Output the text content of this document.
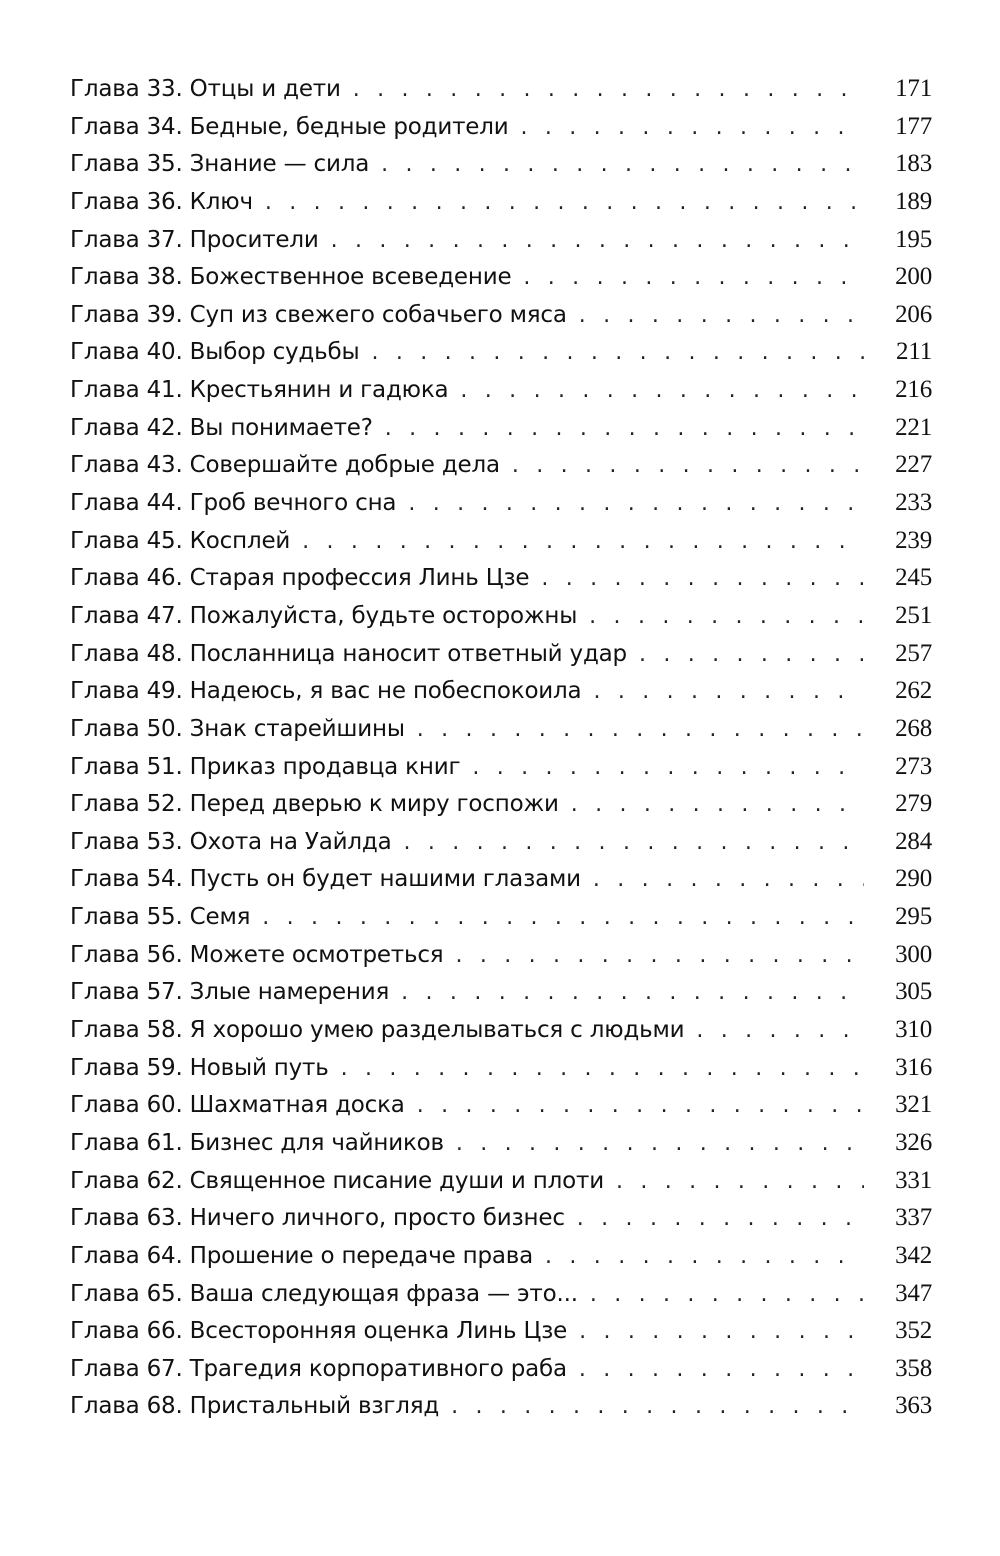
Глава 33. Отцы и дети . . .	171
Глава 34. Бедные, бедные родители . . .	177
Глава 35. Знание — сила . . .	183
Глава 36. Ключ . . .	189
Глава 37. Просители . . .	195
Глава 38. Божественное всеведение . . .	200
Глава 39. Суп из свежего собачьего мяса . . .	206
Глава 40. Выбор судьбы . . .	211
Глава 41. Крестьянин и гадюка . . .	216
Глава 42. Вы понимаете? . . .	221
Глава 43. Совершайте добрые дела . . .	227
Глава 44. Гроб вечного сна . . .	233
Глава 45. Косплей . . .	239
Глава 46. Старая профессия Линь Цзе . . .	245
Глава 47. Пожалуйста, будьте осторожны . . .	251
Глава 48. Посланница наносит ответный удар . . .	257
Глава 49. Надеюсь, я вас не побеспокоила . . .	262
Глава 50. Знак старейшины . . .	268
Глава 51. Приказ продавца книг . . .	273
Глава 52. Перед дверью к миру госпожи . . .	279
Глава 53. Охота на Уайлда . . .	284
Глава 54. Пусть он будет нашими глазами . . .	290
Глава 55. Семя . . .	295
Глава 56. Можете осмотреться . . .	300
Глава 57. Злые намерения . . .	305
Глава 58. Я хорошо умею разделываться с людьми . . .	310
Глава 59. Новый путь . . .	316
Глава 60. Шахматная доска . . .	321
Глава 61. Бизнес для чайников . . .	326
Глава 62. Священное писание души и плоти . . .	331
Глава 63. Ничего личного, просто бизнес . . .	337
Глава 64. Прошение о передаче права . . .	342
Глава 65. Ваша следующая фраза — это... . . .	347
Глава 66. Всесторонняя оценка Линь Цзе . . .	352
Глава 67. Трагедия корпоративного раба . . .	358
Глава 68. Пристальный взгляд . . .	363
